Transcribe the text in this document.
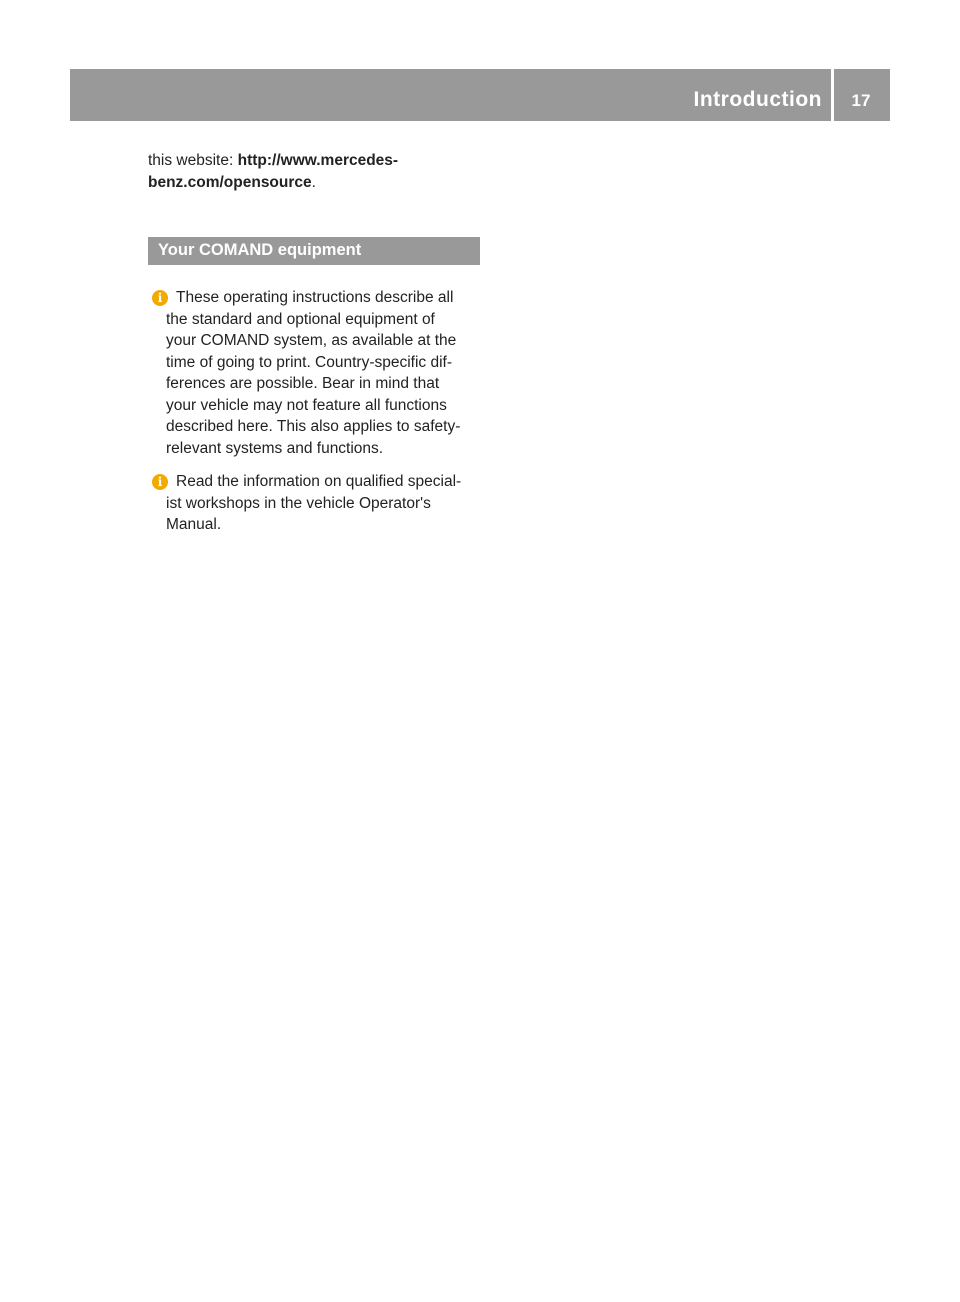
Introduction	17

this website: http://www.mercedes-

benz.com/opensource.

Your COMAND equipment
i These operating instructions describe all

the standard and optional equipment of

your COMAND system, as available at the

time of going to print. Country-specific dif-

ferences are possible. Bear in mind that

your vehicle may not feature all functions

described here. This also applies to safety-

relevant systems and functions.

i Read the information on qualified special-

ist workshops in the vehicle Operator's

Manual.
